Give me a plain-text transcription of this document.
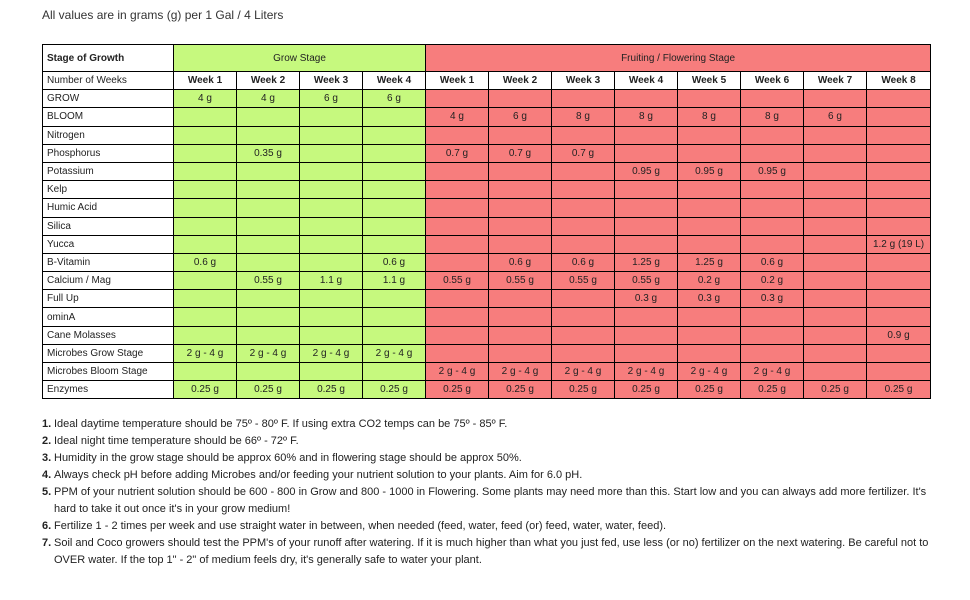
All values are in grams (g) per 1 Gal / 4 Liters
Stage of Growth	Grow Stage				Fruiting / Flowering Stage							
Number of Weeks	Week 1	Week 2	Week 3	Week 4	Week 1	Week 2	Week 3	Week 4	Week 5	Week 6	Week 7	Week 8
GROW	4 g	4 g	6 g	6 g								
BLOOM					4 g	6 g	8 g	8 g	8 g	8 g	6 g	
Nitrogen												
Phosphorus		0.35 g			0.7 g	0.7 g	0.7 g					
Potassium								0.95 g	0.95 g	0.95 g		
Kelp												
Humic Acid												
Silica												
Yucca												1.2 g (19 L)
B-Vitamin	0.6 g			0.6 g		0.6 g	0.6 g	1.25 g	1.25 g	0.6 g		
Calcium / Mag		0.55 g	1.1 g	1.1 g	0.55 g	0.55 g	0.55 g	0.55 g	0.2 g	0.2 g		
Full Up								0.3 g	0.3 g	0.3 g		
ominA												
Cane Molasses												0.9 g
Microbes Grow Stage	2 g - 4 g	2 g - 4 g	2 g - 4 g	2 g - 4 g								
Microbes Bloom Stage					2 g - 4 g	2 g - 4 g	2 g - 4 g	2 g - 4 g	2 g - 4 g	2 g - 4 g		
Enzymes	0.25 g	0.25 g	0.25 g	0.25 g	0.25 g	0.25 g	0.25 g	0.25 g	0.25 g	0.25 g	0.25 g	0.25 g
1. Ideal daytime temperature should be 75º - 80º F. If using extra CO2 temps can be 75º - 85º F.
2. Ideal night time temperature should be 66º - 72º F.
3. Humidity in the grow stage should be approx 60% and in flowering stage should be approx 50%.
4. Always check pH before adding Microbes and/or feeding your nutrient solution to your plants. Aim for 6.0 pH.
5. PPM of your nutrient solution should be 600 - 800 in Grow and 800 - 1000 in Flowering. Some plants may need more than this. Start low and you can always add more fertilizer. It's hard to take it out once it's in your grow medium!
6. Fertilize 1 - 2 times per week and use straight water in between, when needed (feed, water, feed (or) feed, water, water, feed).
7. Soil and Coco growers should test the PPM's of your runoff after watering. If it is much higher than what you just fed, use less (or no) fertilizer on the next watering. Be careful not to OVER water. If the top 1" - 2" of medium feels dry, it's generally safe to water your plant.
